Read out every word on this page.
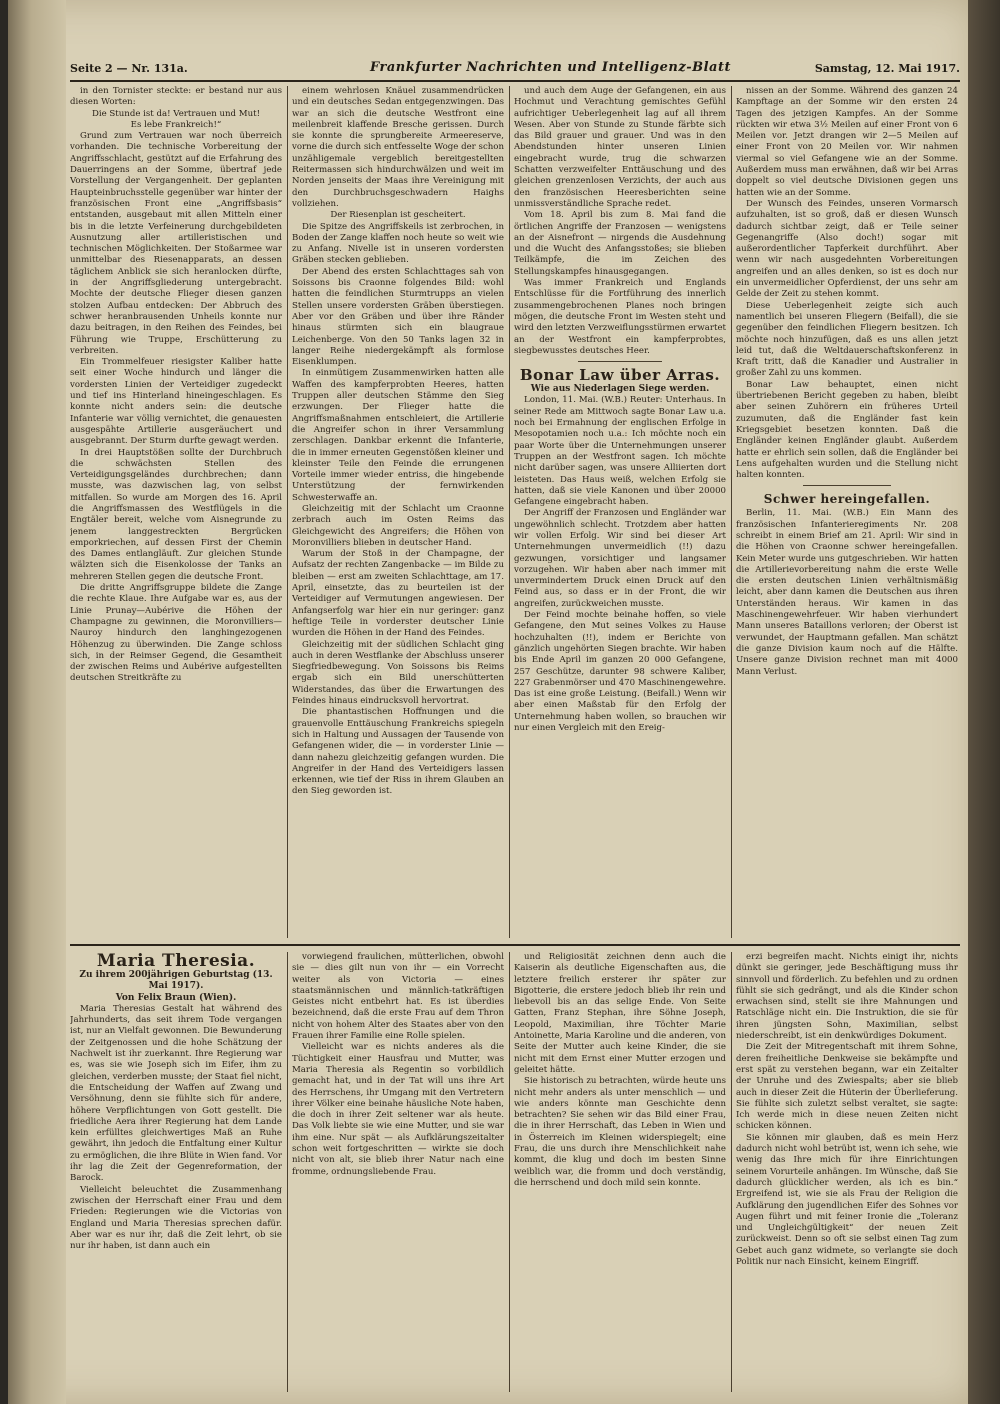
Seite 2 — Nr. 131a.	Frankfurter Nachrichten und Intelligenz-Blatt	Samstag, 12. Mai 1917.

in den Tornister steckte: er bestand nur aus diesen Worten:

Die Stunde ist da! Vertrauen und Mut!

Es lebe Frankreich!“

Grund zum Vertrauen war noch überreich vorhanden. Die technische Vorbereitung der Angriffsschlacht, gestützt auf die Erfahrung des Dauerringens an der Somme, übertraf jede Vorstellung der Vergangenheit. Der geplanten Haupteinbruchsstelle gegenüber war hinter der französischen Front eine „Angriffsbasis“ entstanden, ausgebaut mit allen Mitteln einer bis in die letzte Verfeinerung durchgebildeten Ausnutzung aller artilleristischen und technischen Möglichkeiten. Der Stoßarmee war unmittelbar des Riesenapparats, an dessen täglichem Anblick sie sich heranlocken dürfte, in der Angriffsgliederung untergebracht. Mochte der deutsche Flieger diesen ganzen stolzen Aufbau entdecken: Der Abbruch des schwer heranbrausenden Unheils konnte nur dazu beitragen, in den Reihen des Feindes, bei Führung wie Truppe, Erschütterung zu verbreiten.

Ein Trommelfeuer riesigster Kaliber hatte seit einer Woche hindurch und länger die vordersten Linien der Verteidiger zugedeckt und tief ins Hinterland hineingeschlagen. Es konnte nicht anders sein: die deutsche Infanterie war völlig vernichtet, die genauesten ausgespähte Artillerie ausgeräuchert und ausgebrannt. Der Sturm durfte gewagt werden.

In drei Hauptstößen sollte der Durchbruch die schwächsten Stellen des Verteidigungsgeländes durchbrechen; dann musste, was dazwischen lag, von selbst mitfallen. So wurde am Morgen des 16. April die Angriffsmassen des Westflügels in die Engtäler bereit, welche vom Aisnegrunde zu jenem langgestreckten Bergrücken emporkriechen, auf dessen First der Chemin des Dames entlangläuft. Zur gleichen Stunde wälzten sich die Eisenkolosse der Tanks an mehreren Stellen gegen die deutsche Front.

Die dritte Angriffsgruppe bildete die Zange die rechte Klaue. Ihre Aufgabe war es, aus der Linie Prunay—Aubérive die Höhen der Champagne zu gewinnen, die Moronvilliers—Nauroy hindurch den langhingezogenen Höhenzug zu überwinden. Die Zange schloss sich, in der Reimser Gegend, die Gesamtheit der zwischen Reims und Aubérive aufgestellten deutschen Streitkräfte zu

einem wehrlosen Knäuel zusammendrücken und ein deutsches Sedan entgegenzwingen. Das war an sich die deutsche Westfront eine meilenbreit klaffende Bresche gerissen. Durch sie konnte die sprungbereite Armeereserve, vorne die durch sich entfesselte Woge der schon unzähligemale vergeblich bereitgestellten Reitermassen sich hindurchwälzen und weit im Norden jenseits der Maas ihre Vereinigung mit den Durchbruchsgeschwadern Haighs vollziehen.

Der Riesenplan ist gescheitert.

Die Spitze des Angriffskeils ist zerbrochen, in Boden der Zange klaffen noch heute so weit wie zu Anfang. Nivelle ist in unseren vordersten Gräben stecken geblieben.

Der Abend des ersten Schlachttages sah von Soissons bis Craonne folgendes Bild: wohl hatten die feindlichen Sturmtrupps an vielen Stellen unsere vordersten Gräben überstiegen. Aber vor den Gräben und über ihre Ränder hinaus stürmten sich ein blaugraue Leichenberge. Von den 50 Tanks lagen 32 in langer Reihe niedergekämpft als formlose Eisenklumpen.

In einmütigem Zusammenwirken hatten alle Waffen des kampferprobten Heeres, hatten Truppen aller deutschen Stämme den Sieg erzwungen. Der Flieger hatte die Angriffsmaßnahmen entschleiert, die Artillerie die Angreifer schon in ihrer Versammlung zerschlagen. Dankbar erkennt die Infanterie, die in immer erneuten Gegenstößen kleiner und kleinster Teile den Feinde die errungenen Vorteile immer wieder entriss, die hingebende Unterstützung der fernwirkenden Schwesterwaffe an.

Gleichzeitig mit der Schlacht um Craonne zerbrach auch im Osten Reims das Gleichgewicht des Angreifers; die Höhen von Moronvilliers blieben in deutscher Hand.

Warum der Stoß in der Champagne, der Aufsatz der rechten Zangenbacke — im Bilde zu bleiben — erst am zweiten Schlachttage, am 17. April, einsetzte, das zu beurteilen ist der Verteidiger auf Vermutungen angewiesen. Der Anfangserfolg war hier ein nur geringer: ganz heftige Teile in vorderster deutscher Linie wurden die Höhen in der Hand des Feindes.

Gleichzeitig mit der südlichen Schlacht ging auch in deren Westflanke der Abschluss unserer Siegfriedbewegung. Von Soissons bis Reims ergab sich ein Bild unerschütterten Widerstandes, das über die Erwartungen des Feindes hinaus eindrucksvoll hervortrat.

Die phantastischen Hoffnungen und die grauenvolle Enttäuschung Frankreichs spiegeln sich in Haltung und Aussagen der Tausende von Gefangenen wider, die — in vorderster Linie — dann nahezu gleichzeitig gefangen wurden. Die Angreifer in der Hand des Verteidigers lassen erkennen, wie tief der Riss in ihrem Glauben an den Sieg geworden ist.

und auch dem Auge der Gefangenen, ein aus Hochmut und Verachtung gemischtes Gefühl aufrichtiger Ueberlegenheit lag auf all ihrem Wesen. Aber von Stunde zu Stunde färbte sich das Bild grauer und grauer. Und was in den Abendstunden hinter unseren Linien eingebracht wurde, trug die schwarzen Schatten verzweifelter Enttäuschung und des gleichen grenzenlosen Verzichts, der auch aus den französischen Heeresberichten seine unmissverständliche Sprache redet.

Vom 18. April bis zum 8. Mai fand die örtlichen Angriffe der Franzosen — wenigstens an der Aisnefront — nirgends die Ausdehnung und die Wucht des Anfangsstoßes; sie blieben Teilkämpfe, die im Zeichen des Stellungskampfes hinausgegangen.

Was immer Frankreich und Englands Entschlüsse für die Fortführung des innerlich zusammengebrochenen Planes noch bringen mögen, die deutsche Front im Westen steht und wird den letzten Verzweiflungsstürmen erwartet an der Westfront ein kampferprobtes, siegbewusstes deutsches Heer.

Bonar Law über Arras.

Wie aus Niederlagen Siege werden.

London, 11. Mai. (W.B.) Reuter: Unterhaus. In seiner Rede am Mittwoch sagte Bonar Law u.a. noch bei Ermahnung der englischen Erfolge in Mesopotamien noch u.a.: Ich möchte noch ein paar Worte über die Unternehmungen unserer Truppen an der Westfront sagen. Ich möchte nicht darüber sagen, was unsere Alliierten dort leisteten. Das Haus weiß, welchen Erfolg sie hatten, daß sie viele Kanonen und über 20000 Gefangene eingebracht haben.

Der Angriff der Franzosen und Engländer war ungewöhnlich schlecht. Trotzdem aber hatten wir vollen Erfolg. Wir sind bei dieser Art Unternehmungen unvermeidlich (!!) dazu gezwungen, vorsichtiger und langsamer vorzugehen. Wir haben aber nach immer mit unvermindertem Druck einen Druck auf den Feind aus, so dass er in der Front, die wir angreifen, zurückweichen musste.

Der Feind mochte beinahe hoffen, so viele Gefangene, den Mut seines Volkes zu Hause hochzuhalten (!!), indem er Berichte von gänzlich ungehörten Siegen brachte. Wir haben bis Ende April im ganzen 20 000 Gefangene, 257 Geschütze, darunter 98 schwere Kaliber, 227 Grabenmörser und 470 Maschinengewehre. Das ist eine große Leistung. (Beifall.) Wenn wir aber einen Maßstab für den Erfolg der Unternehmung haben wollen, so brauchen wir nur einen Vergleich mit den Ereig-

nissen an der Somme. Während des ganzen 24 Kampftage an der Somme wir den ersten 24 Tagen des jetzigen Kampfes. An der Somme rückten wir etwa 3½ Meilen auf einer Front von 6 Meilen vor. Jetzt drangen wir 2—5 Meilen auf einer Front von 20 Meilen vor. Wir nahmen viermal so viel Gefangene wie an der Somme. Außerdem muss man erwähnen, daß wir bei Arras doppelt so viel deutsche Divisionen gegen uns hatten wie an der Somme.

Der Wunsch des Feindes, unseren Vormarsch aufzuhalten, ist so groß, daß er diesen Wunsch dadurch sichtbar zeigt, daß er Teile seiner Gegenangriffe (Also doch!) sogar mit außerordentlicher Tapferkeit durchführt. Aber wenn wir nach ausgedehnten Vorbereitungen angreifen und an alles denken, so ist es doch nur ein unvermeidlicher Opferdienst, der uns sehr am Gelde der Zeit zu stehen kommt.

Diese Ueberlegenheit zeigte sich auch namentlich bei unseren Fliegern (Beifall), die sie gegenüber den feindlichen Fliegern besitzen. Ich möchte noch hinzufügen, daß es uns allen jetzt leid tut, daß die Weltdauerschaftskonferenz in Kraft tritt, daß die Kanadier und Australier in großer Zahl zu uns kommen.

Bonar Law behauptet, einen nicht übertriebenen Bericht gegeben zu haben, bleibt aber seinen Zuhörern ein früheres Urteil zuzumuten, daß die Engländer fast kein Kriegsgebiet besetzen konnten. Daß die Engländer keinen Engländer glaubt. Außerdem hatte er ehrlich sein sollen, daß die Engländer bei Lens aufgehalten wurden und die Stellung nicht halten konnten.

Schwer hereingefallen.

Berlin, 11. Mai. (W.B.) Ein Mann des französischen Infanterieregiments Nr. 208 schreibt in einem Brief am 21. April: Wir sind in die Höhen von Craonne schwer hereingefallen. Kein Meter wurde uns gutgeschrieben. Wir hatten die Artillerievorbereitung nahm die erste Welle die ersten deutschen Linien verhältnismäßig leicht, aber dann kamen die Deutschen aus ihren Unterständen heraus. Wir kamen in das Maschinengewehrfeuer. Wir haben vierhundert Mann unseres Bataillons verloren; der Oberst ist verwundet, der Hauptmann gefallen. Man schätzt die ganze Division kaum noch auf die Hälfte. Unsere ganze Division rechnet man mit 4000 Mann Verlust.

Maria Theresia.

Zu ihrem 200jährigen Geburtstag (13. Mai 1917).

Von Felix Braun (Wien).

Maria Theresias Gestalt hat während des Jahrhunderts, das seit ihrem Tode vergangen ist, nur an Vielfalt gewonnen. Die Bewunderung der Zeitgenossen und die hohe Schätzung der Nachwelt ist ihr zuerkannt. Ihre Regierung war es, was sie wie Joseph sich im Eifer, ihm zu gleichen, verderben musste; der Staat fiel nicht, die Entscheidung der Waffen auf Zwang und Versöhnung, denn sie fühlte sich für andere, höhere Verpflichtungen von Gott gestellt. Die friedliche Aera ihrer Regierung hat dem Lande kein erfülltes gleichwertiges Maß an Ruhe gewährt, ihn jedoch die Entfaltung einer Kultur zu ermöglichen, die ihre Blüte in Wien fand. Vor ihr lag die Zeit der Gegenreformation, der Barock.

Vielleicht beleuchtet die Zusammenhang zwischen der Herrschaft einer Frau und dem Frieden: Regierungen wie die Victorias von England und Maria Theresias sprechen dafür. Aber war es nur ihr, daß die Zeit lehrt, ob sie nur ihr haben, ist dann auch ein

vorwiegend fraulichen, mütterlichen, obwohl sie — dies gilt nun von ihr — ein Vorrecht weiter als von Victoria — eines staatsmännischen und männlich-tatkräftigen Geistes nicht entbehrt hat. Es ist überdies bezeichnend, daß die erste Frau auf dem Thron nicht von hohem Alter des Staates aber von den Frauen ihrer Familie eine Rolle spielen.

Vielleicht war es nichts anderes als die Tüchtigkeit einer Hausfrau und Mutter, was Maria Theresia als Regentin so vorbildlich gemacht hat, und in der Tat will uns ihre Art des Herrschens, ihr Umgang mit den Vertretern ihrer Völker eine beinahe häusliche Note haben, die doch in ihrer Zeit seltener war als heute. Das Volk liebte sie wie eine Mutter, und sie war ihm eine. Nur spät — als Aufklärungszeitalter schon weit fortgeschritten — wirkte sie doch nicht von alt, sie blieb ihrer Natur nach eine fromme, ordnungsliebende Frau.

und Religiosität zeichnen denn auch die Kaiserin als deutliche Eigenschaften aus, die letztere freilich ersterer ihr später zur Bigotterie, die erstere jedoch blieb ihr rein und liebevoll bis an das selige Ende. Von Seite Gatten, Franz Stephan, ihre Söhne Joseph, Leopold, Maximilian, ihre Töchter Marie Antoinette, Maria Karoline und die anderen, von Seite der Mutter auch keine Kinder, die sie nicht mit dem Ernst einer Mutter erzogen und geleitet hätte.

Sie historisch zu betrachten, würde heute uns nicht mehr anders als unter menschlich — und wie anders könnte man Geschichte denn betrachten? Sie sehen wir das Bild einer Frau, die in ihrer Herrschaft, das Leben in Wien und in Österreich im Kleinen widerspiegelt; eine Frau, die uns durch ihre Menschlichkeit nahe kommt, die klug und doch im besten Sinne weiblich war, die fromm und doch verständig, die herrschend und doch mild sein konnte.

erzi begreifen macht. Nichts einigt ihr, nichts dünkt sie geringer, jede Beschäftigung muss ihr sinnvoll und förderlich. Zu befehlen und zu ordnen fühlt sie sich gedrängt, und als die Kinder schon erwachsen sind, stellt sie ihre Mahnungen und Ratschläge nicht ein. Die Instruktion, die sie für ihren jüngsten Sohn, Maximilian, selbst niederschreibt, ist ein denkwürdiges Dokument.

Die Zeit der Mitregentschaft mit ihrem Sohne, deren freiheitliche Denkweise sie bekämpfte und erst spät zu verstehen begann, war ein Zeitalter der Unruhe und des Zwiespalts; aber sie blieb auch in dieser Zeit die Hüterin der Überlieferung. Sie fühlte sich zuletzt selbst veraltet, sie sagte: Ich werde mich in diese neuen Zeiten nicht schicken können.

Sie können mir glauben, daß es mein Herz dadurch nicht wohl betrübt ist, wenn ich sehe, wie wenig das Ihre mich für ihre Einrichtungen seinem Vorurteile anhängen. Im Wünsche, daß Sie dadurch glücklicher werden, als ich es bin.“ Ergreifend ist, wie sie als Frau der Religion die Aufklärung den jugendlichen Eifer des Sohnes vor Augen führt und mit feiner Ironie die „Toleranz und Ungleichgültigkeit“ der neuen Zeit zurückweist. Denn so oft sie selbst einen Tag zum Gebet auch ganz widmete, so verlangte sie doch Politik nur nach Einsicht, keinem Eingriff.
